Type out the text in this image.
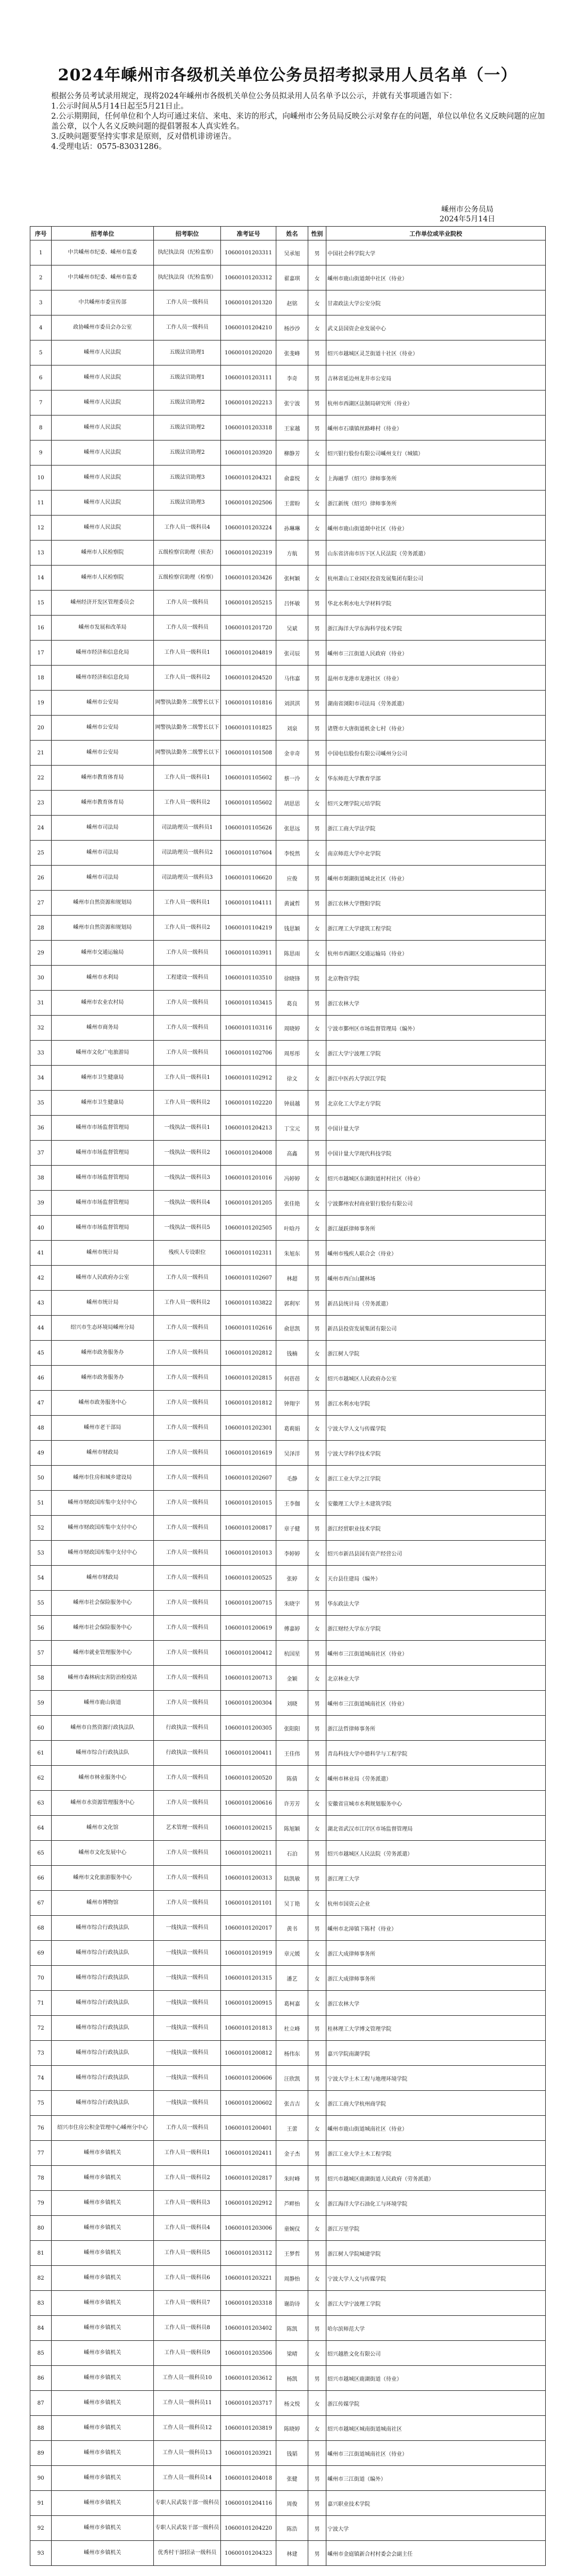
2024年嵊州市各级机关单位公务员招考拟录用人员名单（一）

根据公务员考试录用规定，现将2024年嵊州市各级机关单位公务员拟录用人员名单予以公示，并就有关事项通告如下：

1.公示时间从5月14日起至5月21日止。

2.公示期期间，任何单位和个人均可通过来信、来电、来访的形式，向嵊州市公务员局反映公示对象存在的问题，单位以单位名义反映问题的应加盖公章，以个人名义反映问题的提倡署报本人真实姓名。

3.反映问题要坚持实事求是原则，反对借机诽谤诬告。

4.受理电话：0575-83031286。

嵊州市公务员局
2024年5月14日
序号	招考单位	招考职位	准考证号	姓名	性别	工作单位或毕业院校
1	中共嵊州市纪委、嵊州市监委	执纪执法岗（纪检监察）	10600101203311	吴承旭	男	中国社会科学院大学
2	中共嵊州市纪委、嵊州市监委	执纪执法岗（纪检监察）	10600101203312	翟嘉琪	女	嵊州市鹿山街道剡中社区（待业）
3	中共嵊州市委宣传部	工作人员一级科员	10600101201320	赵铭	女	甘肃政法大学公安分院
4	政协嵊州市委员会办公室	工作人员一级科员	10600101204210	杨沙沙	女	武义县国资企业发展中心
5	嵊州市人民法院	五级法官助理1	10600101202020	张斐峰	男	绍兴市越城区灵芝街道十社区（待业）
6	嵊州市人民法院	五级法官助理1	10600101203111	李奇	男	吉林省延边州龙井市公安局
7	嵊州市人民法院	五级法官助理2	10600101202213	张宁波	男	杭州市西湖区法制局研究所（待业）
8	嵊州市人民法院	五级法官助理2	10600101203318	王家越	男	嵊州市石璜镇丝路峰村（待业）
9	嵊州市人民法院	五级法官助理2	10600101203920	柳静芳	女	绍兴银行股份有限公司嵊州支行（城镇）
10	嵊州市人民法院	五级法官助理3	10600101204321	俞嘉悦	女	上海融孚（绍兴）律师事务所
11	嵊州市人民法院	五级法官助理3	10600101202506	王蕾盼	女	浙江新统（绍兴）律师事务所
12	嵊州市人民法院	工作人员一级科员4	10600101203224	孙琳琳	女	嵊州市鹿山街道剡中社区（待业）
13	嵊州市人民检察院	五级检察官助理（侦查）	10600101202319	方航	男	山东省济南市历下区人民法院（劳务派遣）
14	嵊州市人民检察院	五级检察官助理（检察）	10600101203426	张柯颖	女	杭州萧山工业园区投资发展集团有限公司
15	嵊州经济开发区管理委员会	工作人员一级科员	10600101205215	吕怀敏	男	华北水利水电大学材料学院
16	嵊州市发展和改革局	工作人员一级科员	10600101201720	吴斌	男	浙江海洋大学东海科学技术学院
17	嵊州市经济和信息化局	工作人员一级科员1	10600101204819	张司辰	男	嵊州市三江街道人民政府（待业）
18	嵊州市经济和信息化局	工作人员一级科员2	10600101204520	马伟嘉	男	温州市龙港市龙港社区（待业）
19	嵊州市公安局	网警执法勤务二级警长以下	10600101101816	刘淇淇	男	湖南省浏阳市司法局（劳务派遣）
20	嵊州市公安局	网警执法勤务二级警长以下	10600101101825	刘泉	男	诸暨市大唐街道机金七村（待业）
21	嵊州市公安局	网警执法勤务二级警长以下	10600101101508	金幸奇	男	中国电信股份有限公司嵊州分公司
22	嵊州市教育体育局	工作人员一级科员1	10600101105602	蔡一泠	女	华东师范大学教育学部
23	嵊州市教育体育局	工作人员一级科员2	10600101105602	胡思思	女	绍兴文理学院元培学院
24	嵊州市司法局	司法助理员一级科员1	10600101105626	张思远	男	浙江工商大学法学院
25	嵊州市司法局	司法助理员一级科员2	10600101107604	李悦然	女	南京师范大学中北学院
26	嵊州市司法局	司法助理员一级科员3	10600101106620	应俊	男	嵊州市剡湖街道城北社区（待业）
27	嵊州市自然资源和规划局	工作人员一级科员1	10600101104111	黄诚哲	男	浙江农林大学暨阳学院
28	嵊州市自然资源和规划局	工作人员一级科员2	10600101104219	钱思颖	女	浙江理工大学建筑工程学院
29	嵊州市交通运输局	工作人员一级科员	10600101103911	陈思雨	女	杭州市西湖区交通运输局（待业）
30	嵊州市水利局	工程建设一级科员	10600101103510	徐晓锋	男	北京物资学院
31	嵊州市农业农村局	工作人员一级科员	10600101103415	葛良	男	浙江农林大学
32	嵊州市商务局	工作人员一级科员	10600101103116	周晓婷	女	宁波市鄞州区市场监督管理局（编外）
33	嵊州市文化广电旅游局	工作人员一级科员	10600101102706	周彤彤	女	浙江大学宁波理工学院
34	嵊州市卫生健康局	工作人员一级科员1	10600101102912	徐文	女	浙江中医药大学滨江学院
35	嵊州市卫生健康局	工作人员一级科员2	10600101102220	钟晨越	男	北京化工大学北方学院
36	嵊州市市场监督管理局	一线执法一级科员1	10600101204213	丁宝元	男	中国计量大学
37	嵊州市市场监督管理局	一线执法一级科员2	10600101204008	高鑫	男	中国计量大学现代科技学院
38	嵊州市市场监督管理局	一线执法一级科员3	10600101201016	冯婷婷	女	绍兴市越城区东湖街道村村社区（待业）
39	嵊州市市场监督管理局	一线执法一级科员4	10600101201205	张佳艳	女	宁波鄞州农村商业银行股份有限公司
40	嵊州市市场监督管理局	一线执法一级科员5	10600101202505	叶晗丹	女	浙江晟跃律师事务所
41	嵊州市统计局	残疾人专设职位	10600101102311	朱旭东	男	嵊州市残疾人联合会（待业）
42	嵊州市人民政府办公室	工作人员一级科员	10600101102607	林超	男	嵊州市西白山麓林场
43	嵊州市统计局	工作人员一级科员2	10600101103822	郭利军	男	新昌县统计局（劳务派遣）
44	绍兴市生态环境局嵊州分局	工作人员一级科员	10600101102616	俞思凯	男	新昌县投资发展集团有限公司
45	嵊州市政务服务办	工作人员一级科员	10600101202812	钱楠	女	浙江树人学院
46	嵊州市政务服务办	工作人员一级科员	10600101202815	何蓓蓓	女	绍兴市越城区人民政府办公室
47	嵊州市政务服务中心	工作人员一级科员	10600101201812	钟翔宇	男	浙江水利水电学院
48	嵊州市老干部局	工作人员一级科员	10600101202301	葛莉娟	女	宁波大学人文与传媒学院
49	嵊州市财政局	工作人员一级科员	10600101201619	吴泽洋	男	宁波大学科学技术学院
50	嵊州市住房和城乡建设局	工作人员一级科员	10600101202607	毛静	女	浙江工业大学之江学院
51	嵊州市财政国库集中支付中心	工作人员一级科员	10600101201015	王李伽	女	安徽理工大学土木建筑学院
52	嵊州市财政国库集中支付中心	工作人员一级科员	10600101200817	章子健	男	浙江经贸职业技术学院
53	嵊州市财政国库集中支付中心	工作人员一级科员	10600101201013	李婷婷	女	绍兴市新昌县国有资产经营公司
54	嵊州市财政局	工作人员一级科员	10600101200525	张婷	女	天台县住建局（编外）
55	嵊州市社会保险服务中心	工作人员一级科员	10600101200715	朱晓宇	男	华东政法大学
56	嵊州市社会保险服务中心	工作人员一级科员	10600101200619	傅嘉婷	女	浙江财经大学东方学院
57	嵊州市就业管理服务中心	工作人员一级科员	10600101200412	杭国星	男	嵊州市三江街道城南社区（待业）
58	嵊州市森林病虫害防治检疫站	工作人员一级科员	10600101200713	金颖	女	北京林业大学
59	嵊州市鹿山街道	工作人员一级科员	10600101200304	刘晓	男	嵊州市三江街道城南社区（待业）
60	嵊州市自然资源行政执法队	行政执法一级科员	10600101200305	张阳阳	男	浙江法哲律师事务所
61	嵊州市综合行政执法队	行政执法一级科员	10600101200411	王佳伟	男	青岛科技大学中德科学与工程学院
62	嵊州市林业服务中心	工作人员一级科员	10600101200520	陈倩	女	嵊州市林业局（劳务派遣）
63	嵊州市水资源管理服务中心	工作人员一级科员	10600101200616	许芳芳	女	安徽省宣城市水利规划服务中心
64	嵊州市文化馆	艺术管理一级科员	10600101200215	陈旭颖	女	湖北省武汉市江岸区市场监督管理局
65	嵊州市文化发展中心	工作人员一级科员	10600101200211	石泊	男	绍兴市越城区人民法院（劳务派遣）
66	嵊州市文化旅游服务中心	工作人员一级科员	10600101200313	陆凯敏	男	浙江理工大学
67	嵊州市博物馆	工作人员一级科员	10600101201101	吴丁艳	女	杭州市国资云企业
68	嵊州市综合行政执法队	一线执法一级科员	10600101202017	黄书	男	嵊州市北漳镇下陈村（待业）
69	嵊州市综合行政执法队	一线执法一级科员	10600101201919	章元媛	女	浙江大成律师事务所
70	嵊州市综合行政执法队	一线执法一级科员	10600101201315	潘艺	女	浙江大成律师事务所
71	嵊州市综合行政执法队	一线执法一级科员	10600101200915	葛柯嘉	女	浙江农林大学
72	嵊州市综合行政执法队	一线执法一级科员	10600101201813	杜立峰	男	桂林理工大学博文管理学院
73	嵊州市综合行政执法队	一线执法一级科员	10600101200812	杨伟东	男	嘉兴学院南湖学院
74	嵊州市综合行政执法队	一线执法一级科员	10600101200606	汪欣凯	男	宁波大学土木工程与地理环境学院
75	嵊州市综合行政执法队	一线执法一级科员	10600101200602	张吉吉	女	浙江工商大学杭州商学院
76	绍兴市住房公积金管理中心嵊州分中心	工作人员一级科员	10600101200401	王蕾	女	嵊州市鹿山街道城南社区（待业）
77	嵊州市乡镇机关	工作人员一级科员1	10600101202411	金子杰	男	浙江工业大学土木工程学院
78	嵊州市乡镇机关	工作人员一级科员2	10600101202817	朱时峰	男	绍兴市越城区鹿湖街道人民政府（劳务派遣）
79	嵊州市乡镇机关	工作人员一级科员3	10600101202912	芦畔怡	女	浙江海洋大学石油化工与环境学院
80	嵊州市乡镇机关	工作人员一级科员4	10600101203006	童婉仪	女	浙江万里学院
81	嵊州市乡镇机关	工作人员一级科员5	10600101203112	王梦哲	男	浙江树人学院城建学院
82	嵊州市乡镇机关	工作人员一级科员6	10600101203221	周静怡	女	宁波大学人文与传媒学院
83	嵊州市乡镇机关	工作人员一级科员7	10600101203318	谢韵诗	女	浙江大学宁波理工学院
84	嵊州市乡镇机关	工作人员一级科员8	10600101203402	陈凯	男	哈尔滨师范大学
85	嵊州市乡镇机关	工作人员一级科员9	10600101203506	梁晴	女	绍兴越胜文化有限公司
86	嵊州市乡镇机关	工作人员一级科员10	10600101203612	杨凯	男	绍兴市越城区鹿湖街道（待业）
87	嵊州市乡镇机关	工作人员一级科员11	10600101203717	杨文悦	女	浙江传媒学院
88	嵊州市乡镇机关	工作人员一级科员12	10600101203819	陈晓婷	女	绍兴市越城区城南街道城南社区
89	嵊州市乡镇机关	工作人员一级科员13	10600101203921	钱韬	男	嵊州市三江街道城南社区（待业）
90	嵊州市乡镇机关	工作人员一级科员14	10600101204018	张健	男	嵊州市三江街道（编外）
91	嵊州市乡镇机关	专职人民武装干部一级科员	10600101204116	周俊	男	嘉兴职业技术学院
92	嵊州市乡镇机关	专职人民武装干部一级科员	10600101204220	陈浩	男	宁波大学
93	嵊州市乡镇机关	优秀村干部招录一级科员	10600101204323	林建	男	嵊州市金庭镇新合村村委会会副主任
